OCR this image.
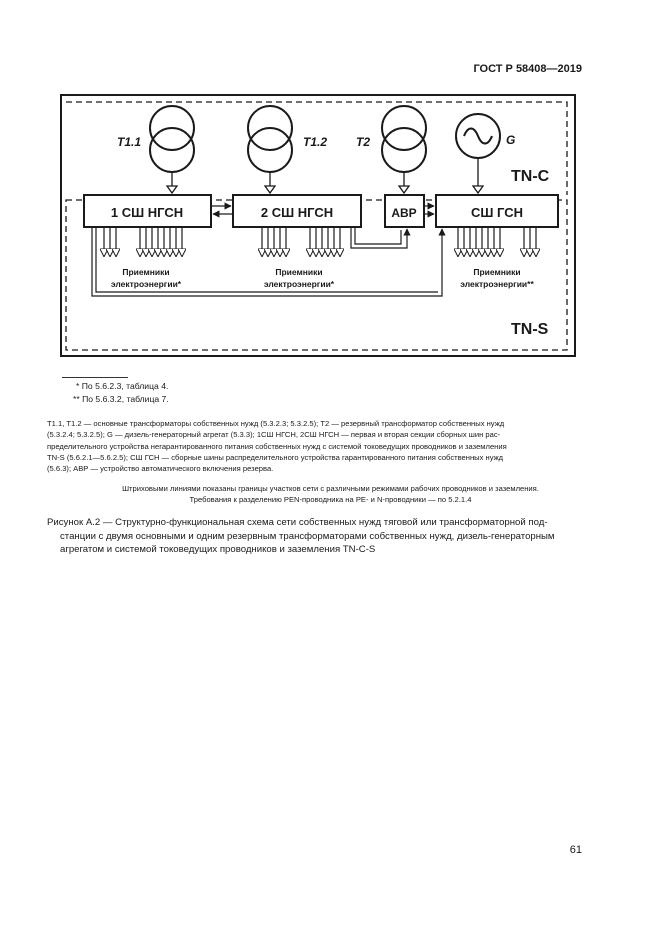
ГОСТ Р 58408—2019
Т1.1	Т1.2 Т2	G
TN-C
TN-S
1 СШ НГСН	2 СШ НГСН	АВР	СШ ГСН
Приемники
электроэнергии*
Приемники
электроэнергии*
Приемники
электроэнергии**
* По 5.6.2.3, таблица 4.
** По 5.6.3.2, таблица 7.
Т1.1, Т1.2 — основные трансформаторы собственных нужд (5.3.2.3; 5.3.2.5); Т2 — резервный трансформатор собственных нужд
(5.3.2.4; 5.3.2.5); G — дизель-генераторный агрегат (5.3.3); 1СШ НГСН, 2СШ НГСН — первая и вторая секции сборных шин рас-
пределительного устройства негарантированного питания собственных нужд с системой токоведущих проводников и заземления
TN-S (5.6.2.1—5.6.2.5); СШ ГСН — сборные шины распределительного устройства гарантированного питания собственных нужд
(5.6.3); АВР — устройство автоматического включения резерва.
Штриховыми линиями показаны границы участков сети с различными режимами рабочих проводников и заземления.
Требования к разделению PEN-проводника на PE- и N-проводники — по 5.2.1.4
Рисунок А.2 — Структурно-функциональная схема сети собственных нужд тяговой или трансформаторной под-
станции с двумя основными и одним резервным трансформаторами собственных нужд, дизель-генераторным
агрегатом и системой токоведущих проводников и заземления TN-C-S
61
